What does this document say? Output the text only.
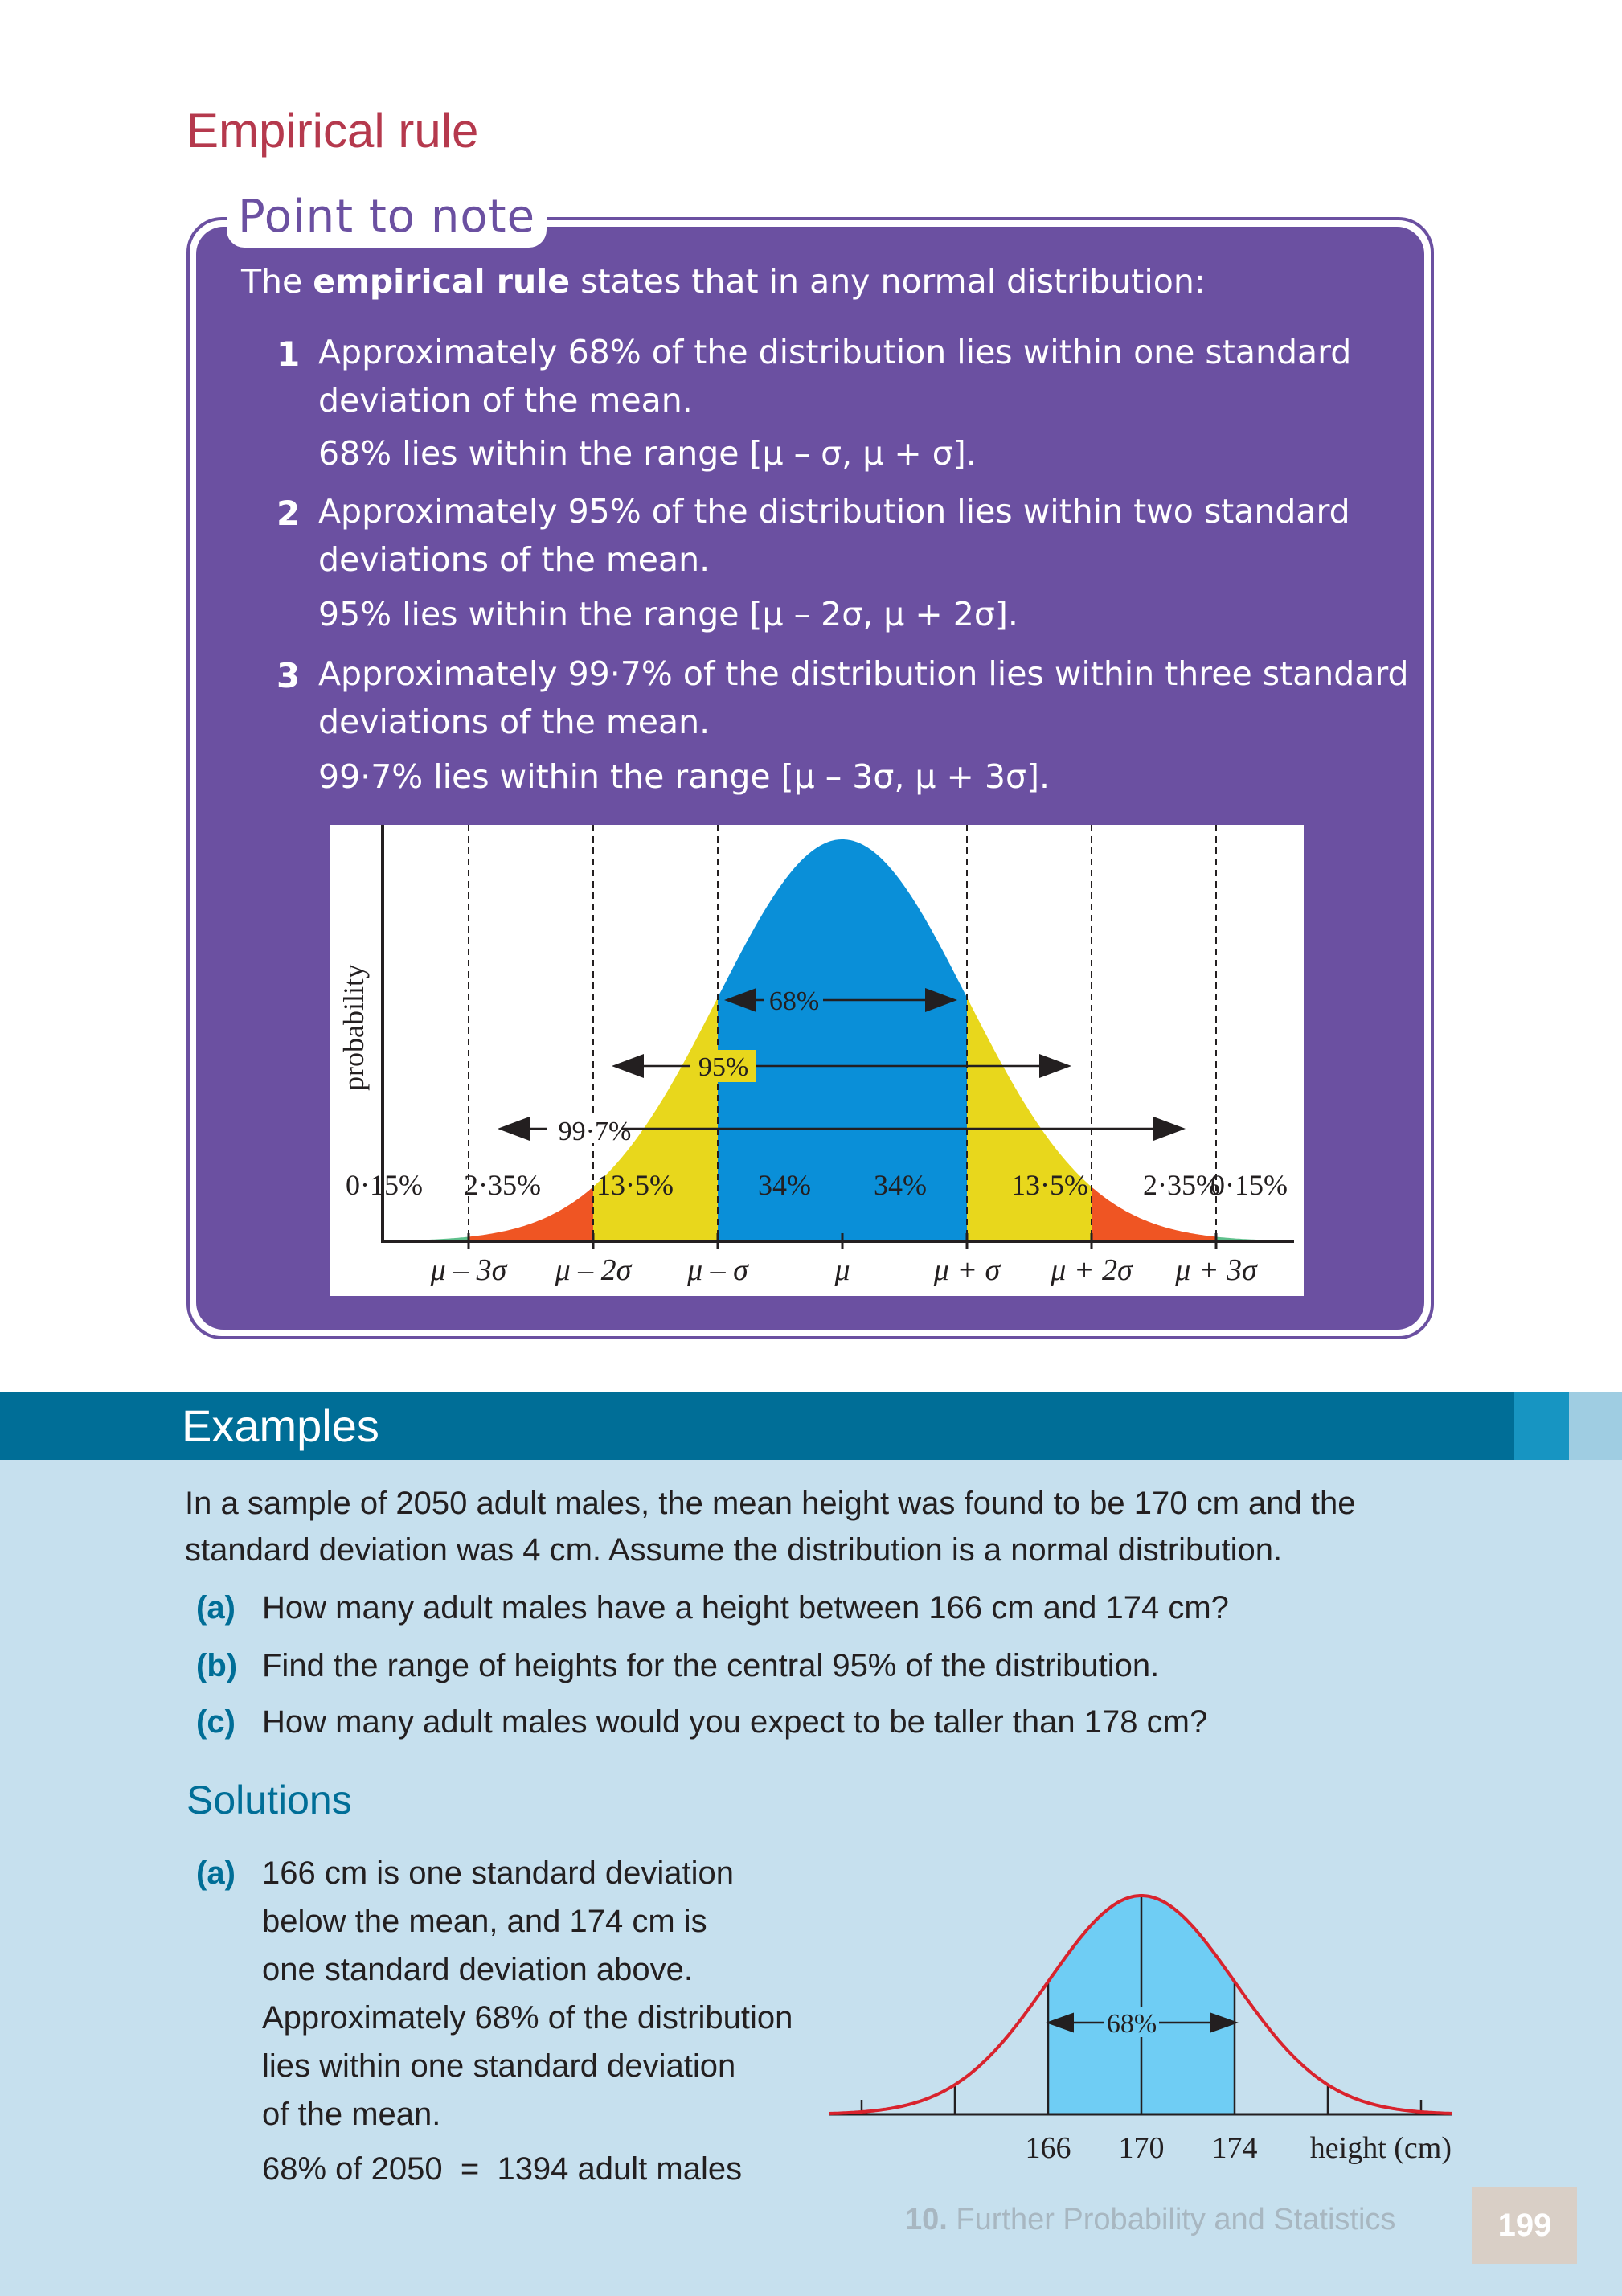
Empirical rule
Point to note
The empirical rule states that in any normal distribution:
1 Approximately 68% of the distribution lies within one standard
deviation of the mean.
68% lies within the range [μ – σ, μ + σ].
2 Approximately 95% of the distribution lies within two standard
deviations of the mean.
95% lies within the range [μ – 2σ, μ + 2σ].
3 Approximately 99·7% of the distribution lies within three standard
deviations of the mean.
99·7% lies within the range [μ – 3σ, μ + 3σ].
probability	68%
95%
99·7%
0·15% 2·35% 13·5%	34% 34%	13·5% 2·35%
0·15%
μ – 3σ μ – 2σ μ – σ	μ	μ + σ μ + 2σ μ + 3σ
Examples
In a sample of 2050 adult males, the mean height was found to be 170 cm and the
standard deviation was 4 cm. Assume the distribution is a normal distribution.
(a) How many adult males have a height between 166 cm and 174 cm?
(b) Find the range of heights for the central 95% of the distribution.
(c) How many adult males would you expect to be taller than 178 cm?
Solutions
(a) 166 cm is one standard deviation
below the mean, and 174 cm is
one standard deviation above.
Approximately 68% of the distribution
lies within one standard deviation
of the mean.
68% of 2050  =  1394 adult males
68%
166 170 174 height (cm)
10. Further Probability and Statistics	199
